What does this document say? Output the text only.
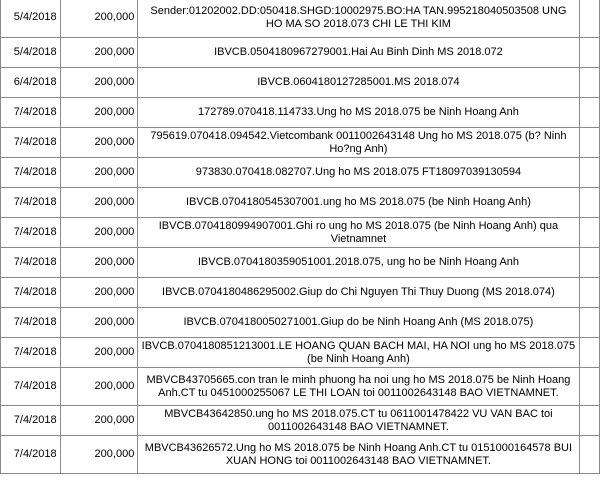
5/4/2018	200,000	Sender:01202002.DD:050418.SHGD:10002975.BO:HA TAN.995218040503508 UNG HO MA SO 2018.073 CHI LE THI KIM	
5/4/2018	200,000	IBVCB.0504180967279001.Hai Au Binh Dinh MS 2018.072	
6/4/2018	200,000	IBVCB.0604180127285001.MS 2018.074	
7/4/2018	200,000	172789.070418.114733.Ung ho MS 2018.075 be Ninh Hoang Anh	
7/4/2018	200,000	795619.070418.094542.Vietcombank 0011002643148 Ung ho MS 2018.075 (b? Ninh Ho?ng Anh)	
7/4/2018	200,000	973830.070418.082707.Ung ho MS 2018.075 FT18097039130594	
7/4/2018	200,000	IBVCB.0704180545307001.ung ho MS 2018.075 (be Ninh Hoang Anh)	
7/4/2018	200,000	IBVCB.0704180994907001.Ghi ro ung ho MS 2018.075 (be Ninh Hoang Anh) qua Vietnamnet	
7/4/2018	200,000	IBVCB.0704180359051001.2018.075, ung ho be Ninh Hoang Anh	
7/4/2018	200,000	IBVCB.0704180486295002.Giup do Chi Nguyen Thi Thuy Duong (MS 2018.074)	
7/4/2018	200,000	IBVCB.0704180050271001.Giup do be Ninh Hoang Anh (MS 2018.075)	
7/4/2018	200,000	IBVCB.0704180851213001.LE HOANG QUAN BACH MAI, HA NOI ung ho MS 2018.075 (be Ninh Hoang Anh)	
7/4/2018	200,000	MBVCB43705665.con tran le minh phuong ha noi ung ho MS 2018.075 be Ninh Hoang Anh.CT tu 0451000255067 LE THI LOAN toi 0011002643148 BAO VIETNAMNET.	
7/4/2018	200,000	MBVCB43642850.ung ho MS 2018.075.CT tu 0611001478422 VU VAN BAC toi 0011002643148 BAO VIETNAMNET.	
7/4/2018	200,000	MBVCB43626572.Ung ho MS 2018.075 be Ninh Hoang Anh.CT tu 0151000164578 BUI XUAN HONG toi 0011002643148 BAO VIETNAMNET.	
